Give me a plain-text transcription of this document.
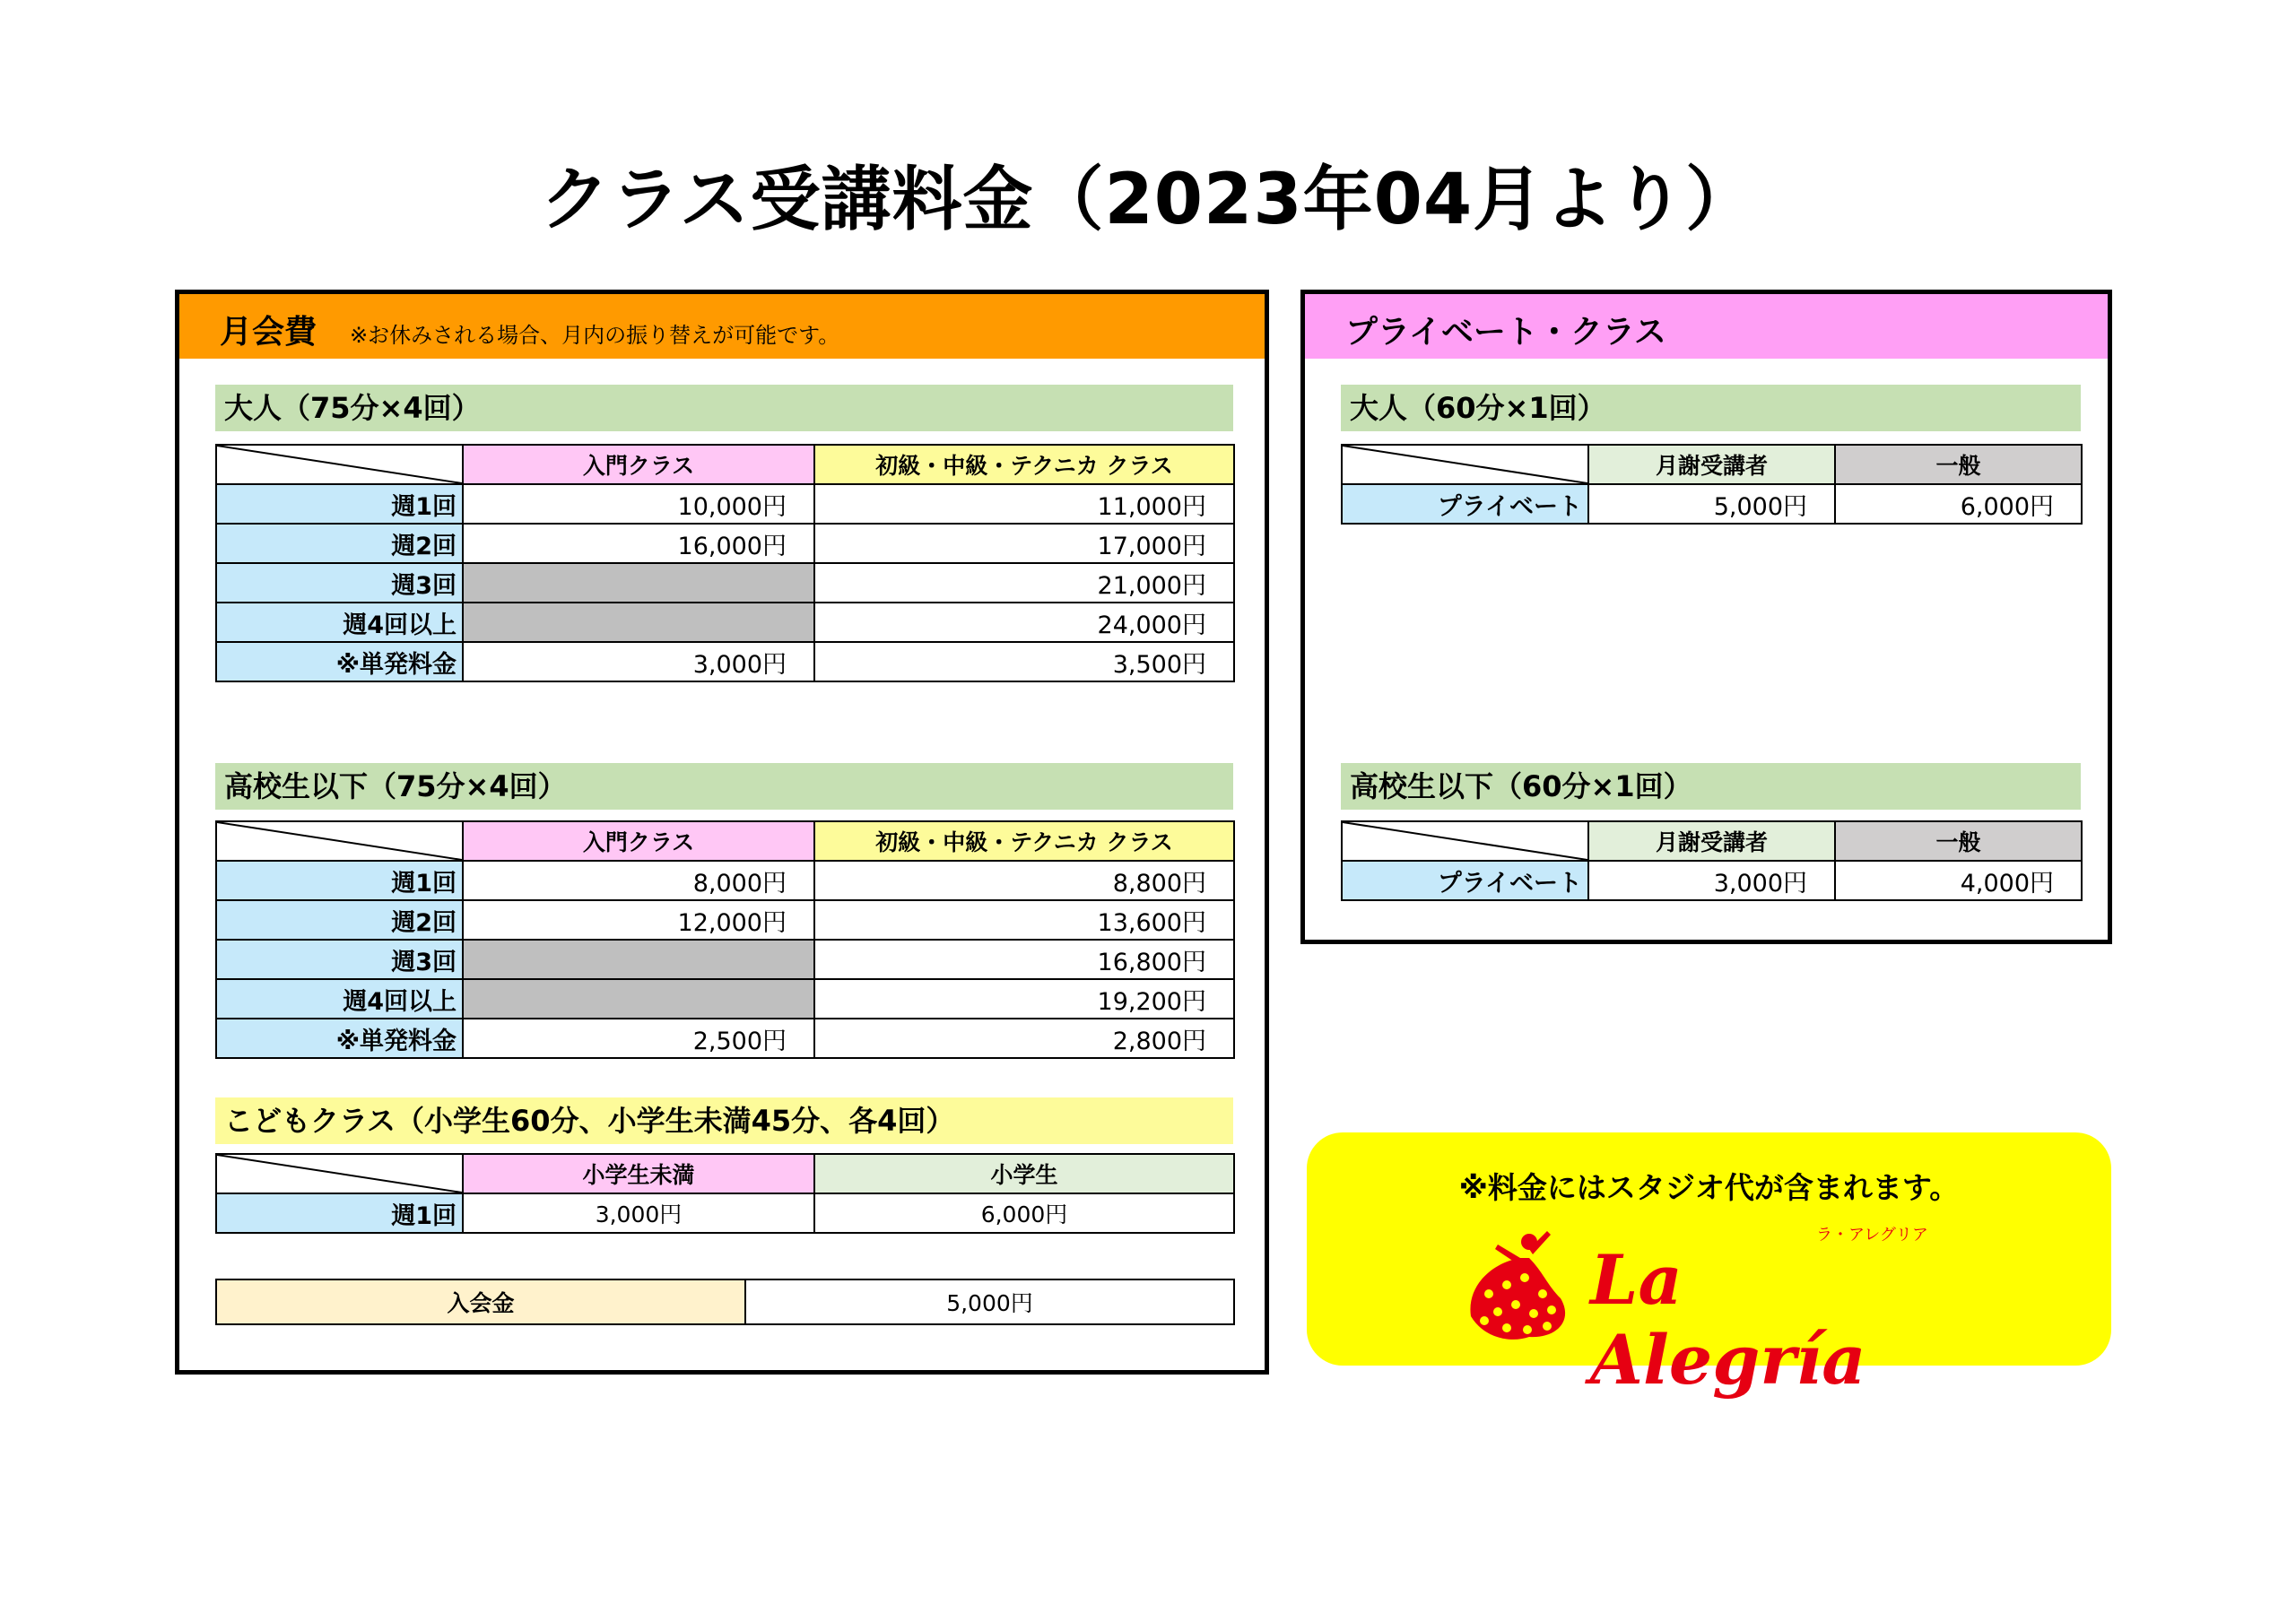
クラス受講料金（2023年04月より）
月会費 ※お休みされる場合、月内の振り替えが可能です。
大人（75分×4回）
	入門クラス	初級・中級・テクニカ クラス
週1回	10,000円	11,000円
週2回	16,000円	17,000円
週3回		21,000円
週4回以上		24,000円
※単発料金	3,000円	3,500円
高校生以下（75分×4回）
	入門クラス	初級・中級・テクニカ クラス
週1回	8,000円	8,800円
週2回	12,000円	13,600円
週3回		16,800円
週4回以上		19,200円
※単発料金	2,500円	2,800円
こどもクラス（小学生60分、小学生未満45分、各4回）
	小学生未満	小学生
週1回	3,000円	6,000円
入会金	5,000円
プライベート・クラス
大人（60分×1回）
	月謝受講者	一般
プライベート	5,000円	6,000円
高校生以下（60分×1回）
	月謝受講者	一般
プライベート	3,000円	4,000円
※料金にはスタジオ代が含まれます。
ラ・アレグリア
La Alegría
